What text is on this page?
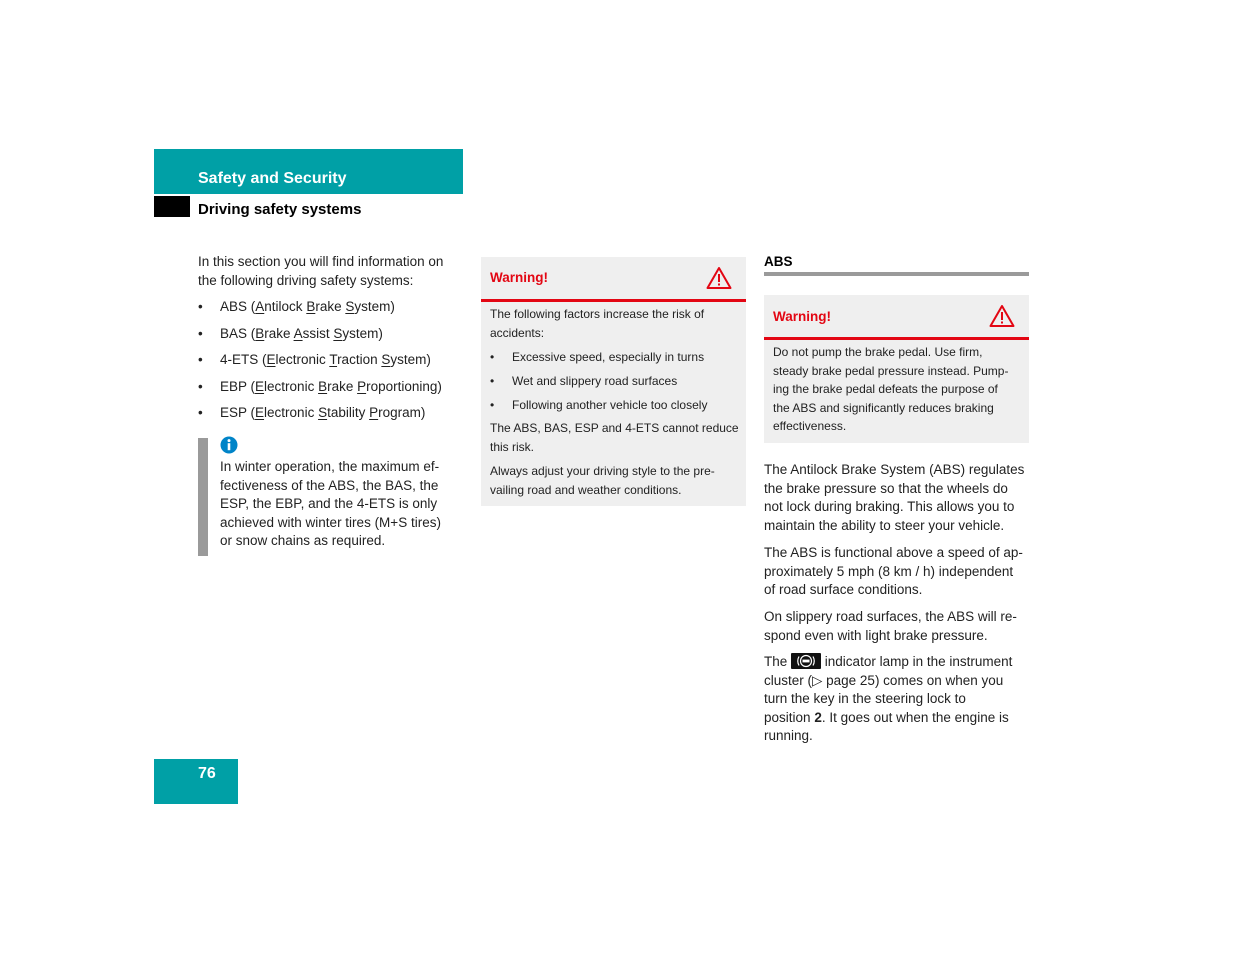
Safety and Security
Driving safety systems
In this section you will find information on the following driving safety systems:
• ABS (Antilock Brake System)
• BAS (Brake Assist System)
• 4-ETS (Electronic Traction System)
• EBP (Electronic Brake Proportioning)
• ESP (Electronic Stability Program)
In winter operation, the maximum ef-
fectiveness of the ABS, the BAS, the
ESP, the EBP, and the 4-ETS is only
achieved with winter tires (M+S tires)
or snow chains as required.
Warning!
The following factors increase the risk of
accidents:
• Excessive speed, especially in turns
• Wet and slippery road surfaces
• Following another vehicle too closely
The ABS, BAS, ESP and 4-ETS cannot reduce
this risk.
Always adjust your driving style to the pre-
vailing road and weather conditions.
ABS
Warning!
Do not pump the brake pedal. Use firm,
steady brake pedal pressure instead. Pump-
ing the brake pedal defeats the purpose of
the ABS and significantly reduces braking
effectiveness.
The Antilock Brake System (ABS) regulates
the brake pressure so that the wheels do
not lock during braking. This allows you to
maintain the ability to steer your vehicle.
The ABS is functional above a speed of ap-
proximately 5 mph (8 km / h) independent
of road surface conditions.
On slippery road surfaces, the ABS will re-
spond even with light brake pressure.
The	indicator lamp in the instrument
cluster (▷ page 25) comes on when you
turn the key in the steering lock to
position 2. It goes out when the engine is
running.
76
